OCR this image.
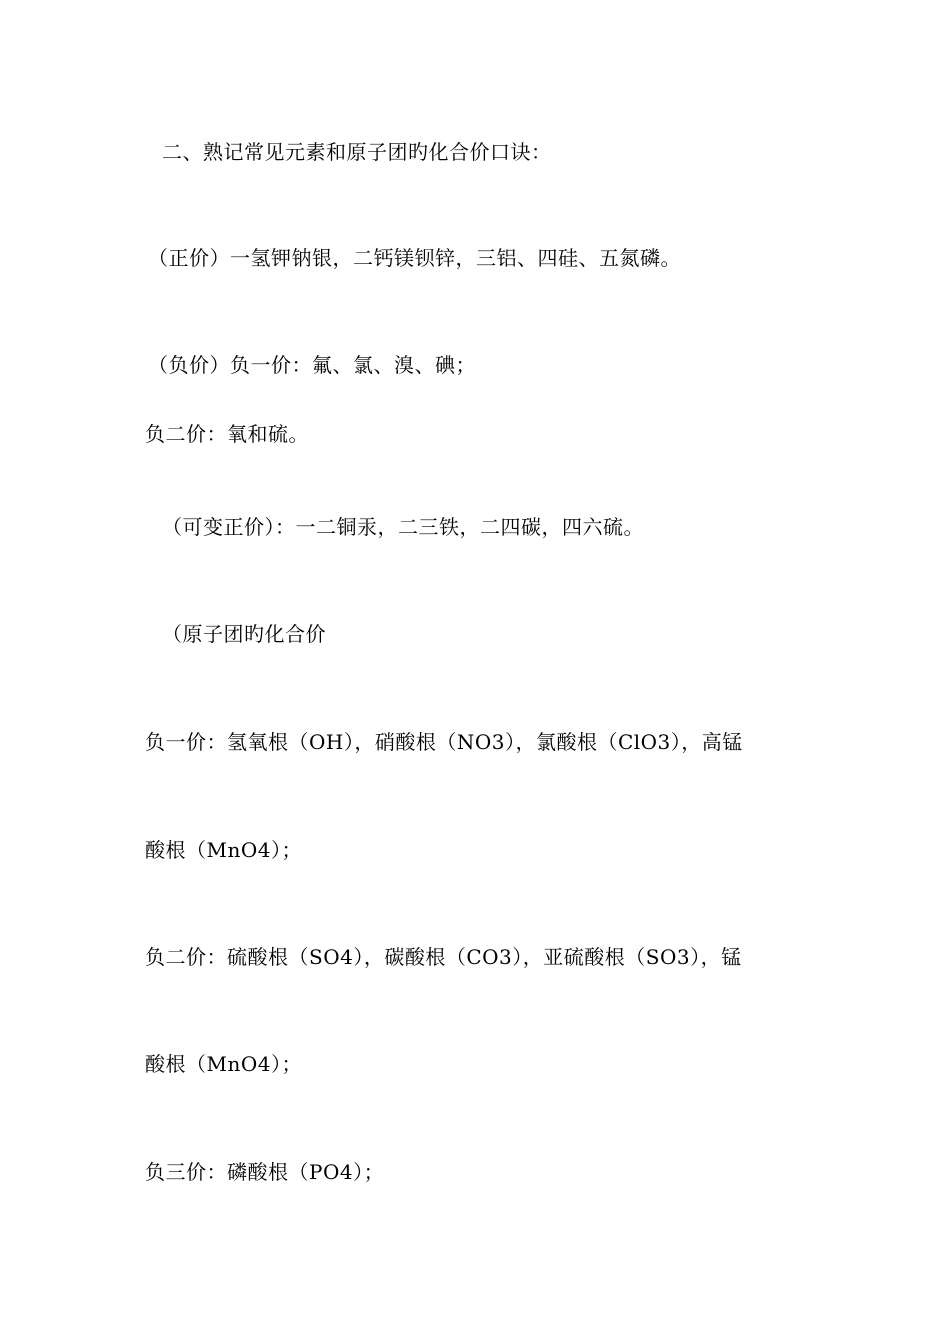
二、熟记常见元素和原子团旳化合价口诀：
（正价）一氢钾钠银，二钙镁钡锌，三铝、四硅、五氮磷。
（负价）负一价：氟、氯、溴、碘；
负二价：氧和硫。
（可变正价）：一二铜汞，二三铁，二四碳，四六硫。
（原子团旳化合价
负一价：氢氧根（OH），硝酸根（NO3），氯酸根（ClO3），高锰
酸根（MnO4）；
负二价：硫酸根（SO4），碳酸根（CO3），亚硫酸根（SO3），锰
酸根（MnO4）；
负三价：磷酸根（PO4）；
